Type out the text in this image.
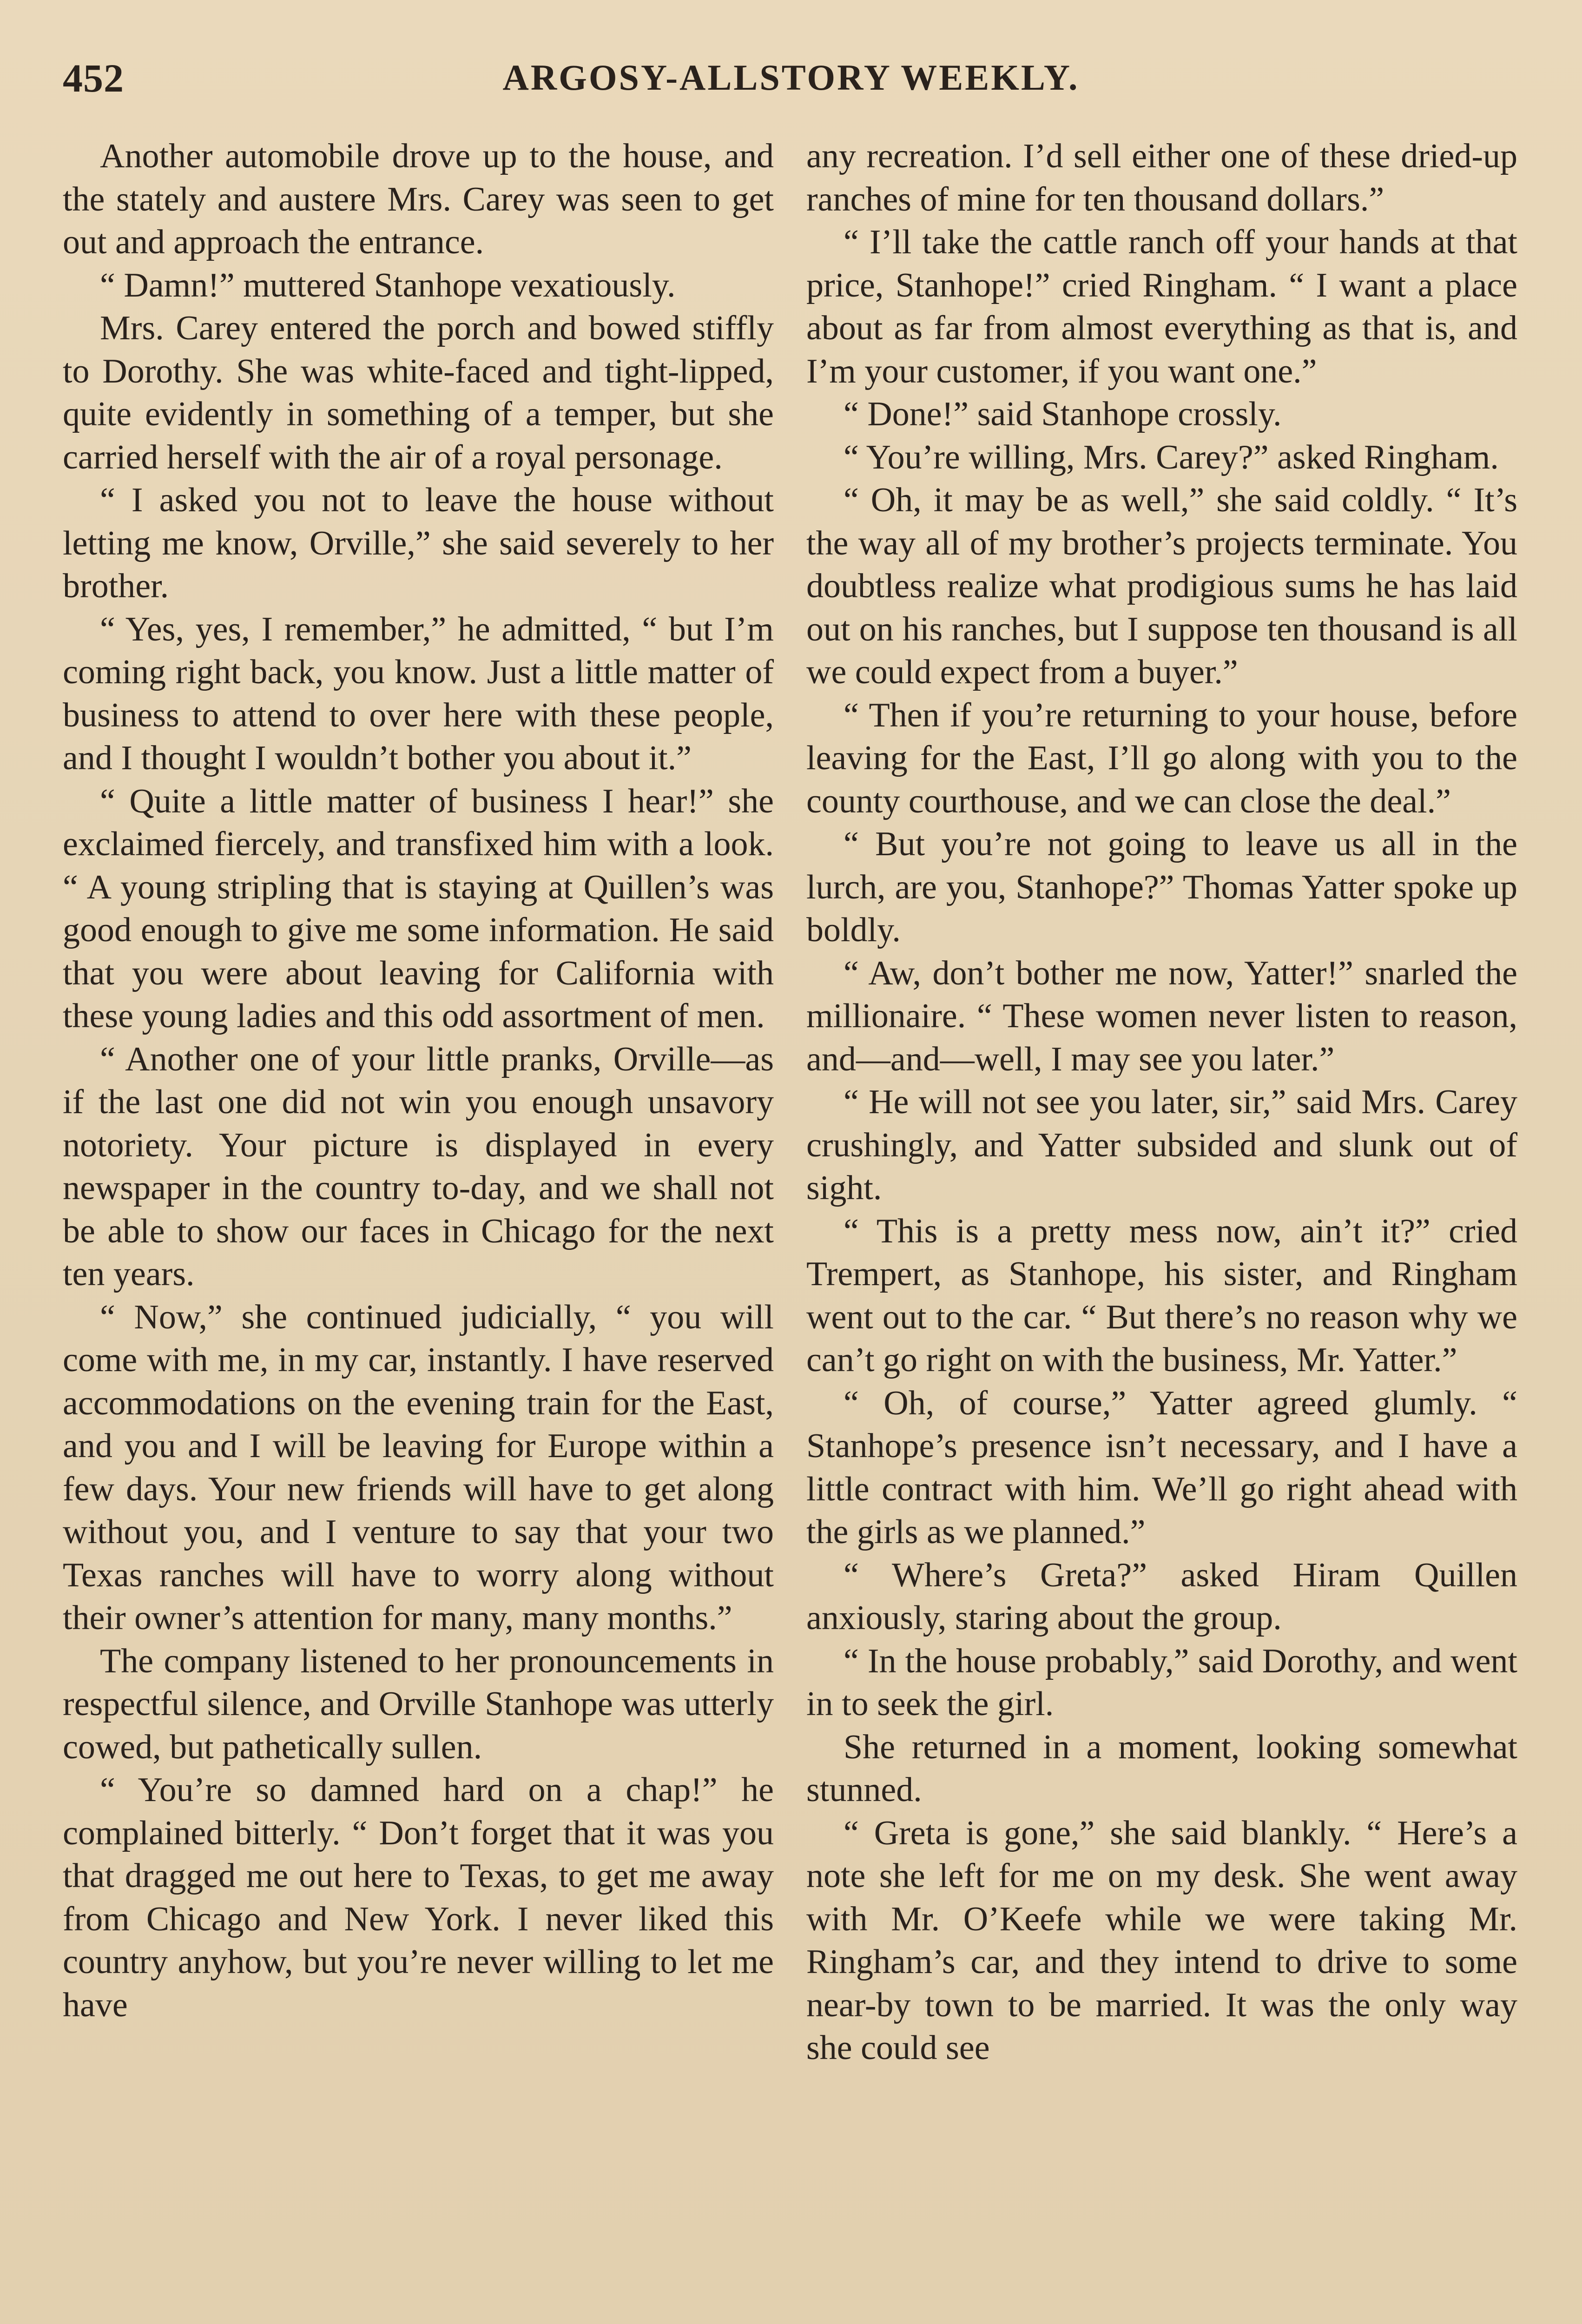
452	ARGOSY-ALLSTORY WEEKLY.

Another automobile drove up to the house, and the stately and austere Mrs. Carey was seen to get out and approach the entrance.

“ Damn!” muttered Stanhope vexatiously.

Mrs. Carey entered the porch and bowed stiffly to Dorothy. She was white-faced and tight-lipped, quite evidently in something of a temper, but she carried herself with the air of a royal personage.

“ I asked you not to leave the house without letting me know, Orville,” she said severely to her brother.

“ Yes, yes, I remember,” he admitted, “ but I’m coming right back, you know. Just a little matter of business to attend to over here with these people, and I thought I wouldn’t bother you about it.”

“ Quite a little matter of business I hear!” she exclaimed fiercely, and transfixed him with a look. “ A young stripling that is staying at Quillen’s was good enough to give me some information. He said that you were about leaving for California with these young ladies and this odd assortment of men.

“ Another one of your little pranks, Orville—as if the last one did not win you enough unsavory notoriety. Your picture is displayed in every newspaper in the country to-day, and we shall not be able to show our faces in Chicago for the next ten years.

“ Now,” she continued judicially, “ you will come with me, in my car, instantly. I have reserved accommodations on the evening train for the East, and you and I will be leaving for Europe within a few days. Your new friends will have to get along without you, and I venture to say that your two Texas ranches will have to worry along without their owner’s attention for many, many months.”

The company listened to her pronouncements in respectful silence, and Orville Stanhope was utterly cowed, but pathetically sullen.

“ You’re so damned hard on a chap!” he complained bitterly. “ Don’t forget that it was you that dragged me out here to Texas, to get me away from Chicago and New York. I never liked this country anyhow, but you’re never willing to let me have

any recreation. I’d sell either one of these dried-up ranches of mine for ten thousand dollars.”

“ I’ll take the cattle ranch off your hands at that price, Stanhope!” cried Ringham. “ I want a place about as far from almost everything as that is, and I’m your customer, if you want one.”

“ Done!” said Stanhope crossly.

“ You’re willing, Mrs. Carey?” asked Ringham.

“ Oh, it may be as well,” she said coldly. “ It’s the way all of my brother’s projects terminate. You doubtless realize what prodigious sums he has laid out on his ranches, but I suppose ten thousand is all we could expect from a buyer.”

“ Then if you’re returning to your house, before leaving for the East, I’ll go along with you to the county courthouse, and we can close the deal.”

“ But you’re not going to leave us all in the lurch, are you, Stanhope?” Thomas Yatter spoke up boldly.

“ Aw, don’t bother me now, Yatter!” snarled the millionaire. “ These women never listen to reason, and—and—well, I may see you later.”

“ He will not see you later, sir,” said Mrs. Carey crushingly, and Yatter subsided and slunk out of sight.

“ This is a pretty mess now, ain’t it?” cried Trempert, as Stanhope, his sister, and Ringham went out to the car. “ But there’s no reason why we can’t go right on with the business, Mr. Yatter.”

“ Oh, of course,” Yatter agreed glumly. “ Stanhope’s presence isn’t necessary, and I have a little contract with him. We’ll go right ahead with the girls as we planned.”

“ Where’s Greta?” asked Hiram Quillen anxiously, staring about the group.

“ In the house probably,” said Dorothy, and went in to seek the girl.

She returned in a moment, looking somewhat stunned.

“ Greta is gone,” she said blankly. “ Here’s a note she left for me on my desk. She went away with Mr. O’Keefe while we were taking Mr. Ringham’s car, and they intend to drive to some near-by town to be married. It was the only way she could see
